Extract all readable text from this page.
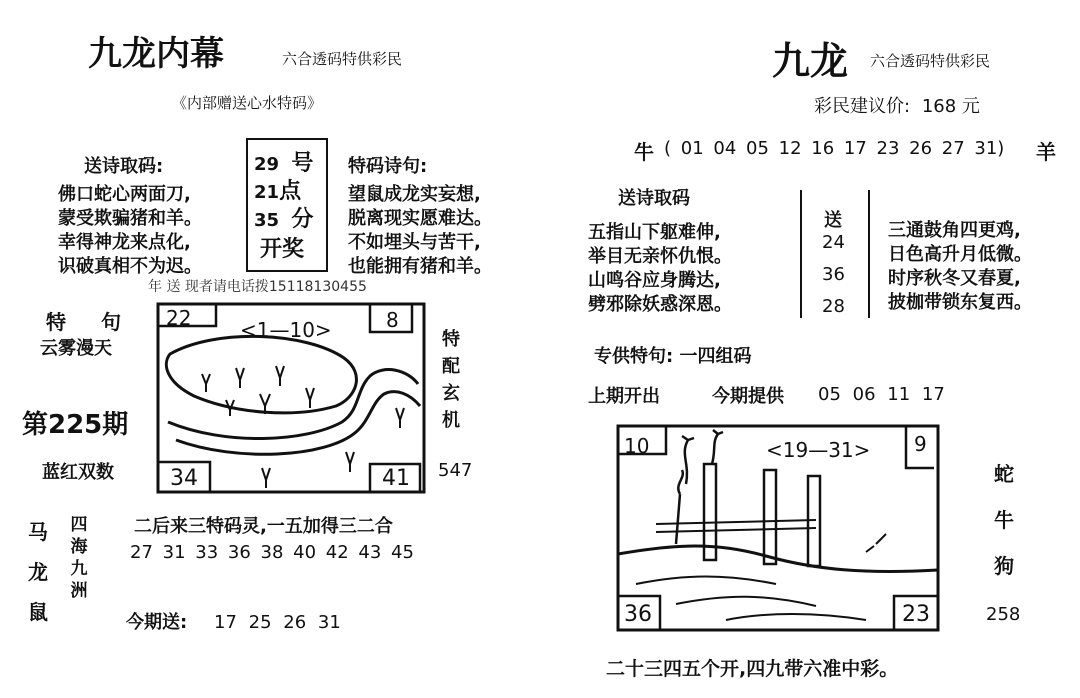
九龙内幕	六合透码特供彩民
《内部赠送心水特码》
送诗取码:
佛口蛇心两面刀,
蒙受欺骗猪和羊。
幸得神龙来点化,
识破真相不为迟。
29 号
21点
35 分
开奖
特码诗句:
望鼠成龙实妄想,
脱离现实愿难达。
不如埋头与苦干,
也能拥有猪和羊。
年 送 现者请电话拨15118130455
特 句
云雾漫天
第225期
蓝红双数
22 <1—10>	8
34	41
特配玄机
547
马
龙
鼠
四海九洲
二后来三特码灵,一五加得三二合
27 31 33 36 38 40 42 43 45
今期送: 17 25 26 31
九龙 六合透码特供彩民
彩民建议价: 168 元
牛 ( 01 04 05 12 16 17 23 26 27 31) 羊
送诗取码
五指山下躯难伸,
举目无亲怀仇恨。
山鸣谷应身腾达,
劈邪除妖惑深恩。
送
24
36
28
三通鼓角四更鸡,
日色高升月低微。
时序秋冬又春夏,
披枷带锁东复西。
专供特句: 一四组码
上期开出	今期提供 05 06 11 17
10	<19—31> 9
36	23
蛇
牛
狗
258
二十三四五个开,四九带六准中彩。
